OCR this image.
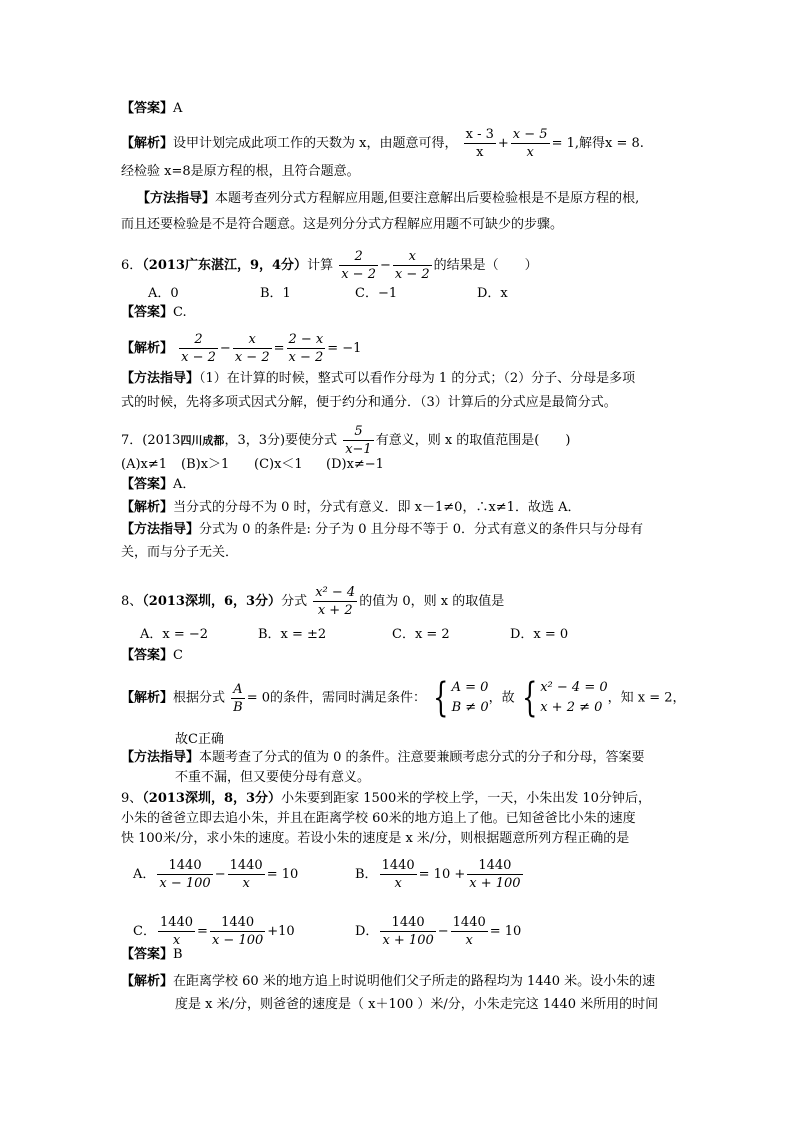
【答案】A
【解析】设甲计划完成此项工作的天数为 x，由题意可得， $\frac{x - 3}{x} + \frac{x - 5}{x} = 1$,解得x = 8.
经检验 x=8是原方程的根，且符合题意。
【方法指导】本题考查列分式方程解应用题,但要注意解出后要检验根是不是原方程的根,
而且还要检验是不是符合题意。这是列分分式方程解应用题不可缺少的步骤。
6．（2013广东湛江，9，4分）计算 $\frac{2}{x - 2} - \frac{x}{x - 2}$ 的结果是（　　）
A．0	B．1	C．−1	D．x
【答案】C.
【解析】 $\frac{2}{x - 2} - \frac{x}{x - 2} = \frac{2 - x}{x - 2} = -1$
【方法指导】（1）在计算的时候，整式可以看作分母为 1 的分式；（2）分子、分母是多项
式的时候，先将多项式因式分解，便于约分和通分．（3）计算后的分式应是最简分式。
7．(2013四川成都，3，3分)要使分式 $\frac{5}{x-1}$ 有意义，则 x 的取值范围是(　　)
(A)x≠1 (B)x＞1 (C)x＜1 (D)x≠−1
【答案】A．
【解析】当分式的分母不为 0 时，分式有意义．即 x－1≠0，∴x≠1．故选 A．
【方法指导】分式为 0 的条件是: 分子为 0 且分母不等于 0．分式有意义的条件只与分母有
关，而与分子无关．
8、（2013深圳，6，3分）分式 $\frac{\text{x² − 4}}{x + 2}$ 的值为 0，则 x 的取值是
A．x = −2	B．x = ±2	C．x = 2	D．x = 0
【答案】C
【解析】根据分式 $\frac{A}{B} = 0$的条件，需同时满足条件： { A = 0
B ≠ 0
，故 { x² − 4 = 0
x + 2 ≠ 0
，知 x = 2，
故C正确
【方法指导】本题考查了分式的值为 0 的条件。注意要兼顾考虑分式的分子和分母，答案要
不重不漏，但又要使分母有意义。
9、（2013深圳，8，3分）小朱要到距家 1500米的学校上学，一天，小朱出发 10分钟后，
小朱的爸爸立即去追小朱，并且在距离学校 60米的地方追上了他。已知爸爸比小朱的速度
快 100米/分，求小朱的速度。若设小朱的速度是 x 米/分，则根据题意所列方程正确的是
A． $\frac{1440}{x - 100} - \frac{1440}{x} = 10$	B． $\frac{1440}{x} = 10 + \frac{1440}{x + 100}$
C． $\frac{1440}{x} = \frac{1440}{x - 100} +10$	D． $\frac{1440}{x + 100} - \frac{1440}{x} = 10$
【答案】B
【解析】在距离学校 60 米的地方追上时说明他们父子所走的路程均为 1440 米。设小朱的速
度是 x 米/分，则爸爸的速度是（ x＋100 ）米/分，小朱走完这 1440 米所用的时间
